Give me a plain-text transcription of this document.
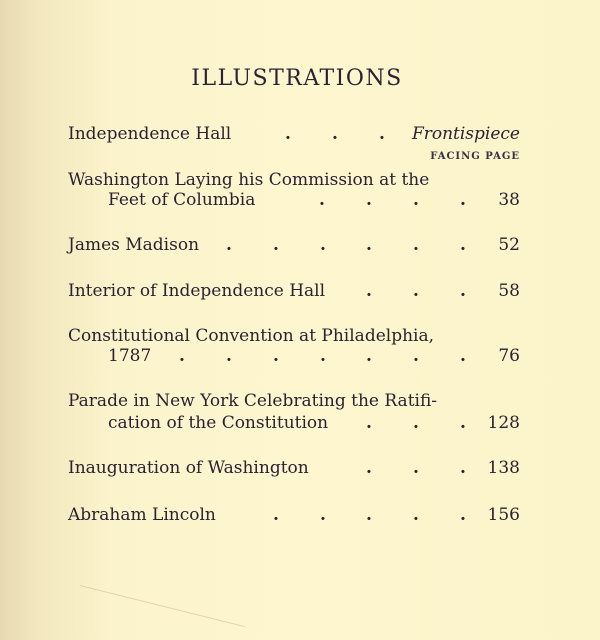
ILLUSTRATIONS
Independence Hall	. . . Frontispiece
FACING PAGE
Washington Laying his Commission at the
Feet of Columbia	. . . . 38
James Madison . . . . . . 52
Interior of Independence Hall . . . 58
Constitutional Convention at Philadelphia,
1787 . . . . . . . 76
Parade in New York Celebrating the Ratifi-
cation of the Constitution . . . 128
Inauguration of Washington	. . . 138
Abraham Lincoln	. . . . . 156
